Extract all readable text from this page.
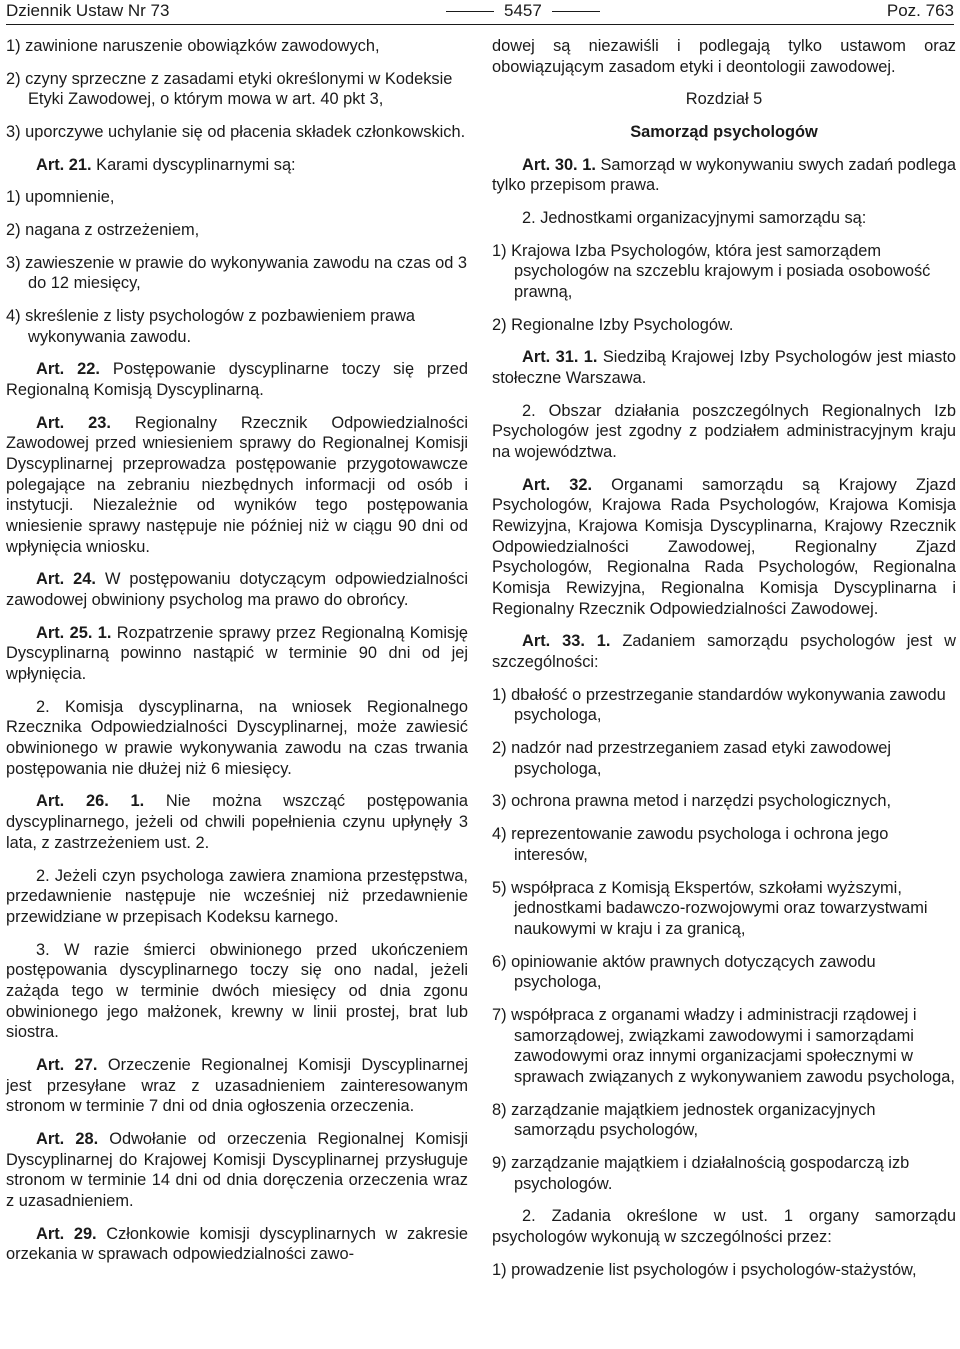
Dziennik Ustaw Nr 73	5457	Poz. 763

1) zawinione naruszenie obowiązków zawodowych,

2) czyny sprzeczne z zasadami etyki określonymi w Kodeksie Etyki Zawodowej, o którym mowa w art. 40 pkt 3,

3) uporczywe uchylanie się od płacenia składek członkowskich.

Art. 21. Karami dyscyplinarnymi są:

1) upomnienie,

2) nagana z ostrzeżeniem,

3) zawieszenie w prawie do wykonywania zawodu na czas od 3 do 12 miesięcy,

4) skreślenie z listy psychologów z pozbawieniem prawa wykonywania zawodu.

Art. 22. Postępowanie dyscyplinarne toczy się przed Regionalną Komisją Dyscyplinarną.

Art. 23. Regionalny Rzecznik Odpowiedzialności Zawodowej przed wniesieniem sprawy do Regionalnej Komisji Dyscyplinarnej przeprowadza postępowanie przygotowawcze polegające na zebraniu niezbędnych informacji od osób i instytucji. Niezależnie od wyników tego postępowania wniesienie sprawy następuje nie później niż w ciągu 90 dni od wpłynięcia wniosku.

Art. 24. W postępowaniu dotyczącym odpowiedzialności zawodowej obwiniony psycholog ma prawo do obrońcy.

Art. 25. 1. Rozpatrzenie sprawy przez Regionalną Komisję Dyscyplinarną powinno nastąpić w terminie 90 dni od jej wpłynięcia.

2. Komisja dyscyplinarna, na wniosek Regionalnego Rzecznika Odpowiedzialności Dyscyplinarnej, może zawiesić obwinionego w prawie wykonywania zawodu na czas trwania postępowania nie dłużej niż 6 miesięcy.

Art. 26. 1. Nie można wszcząć postępowania dyscyplinarnego, jeżeli od chwili popełnienia czynu upłynęły 3 lata, z zastrzeżeniem ust. 2.

2. Jeżeli czyn psychologa zawiera znamiona przestępstwa, przedawnienie następuje nie wcześniej niż przedawnienie przewidziane w przepisach Kodeksu karnego.

3. W razie śmierci obwinionego przed ukończeniem postępowania dyscyplinarnego toczy się ono nadal, jeżeli zażąda tego w terminie dwóch miesięcy od dnia zgonu obwinionego jego małżonek, krewny w linii prostej, brat lub siostra.

Art. 27. Orzeczenie Regionalnej Komisji Dyscyplinarnej jest przesyłane wraz z uzasadnieniem zainteresowanym stronom w terminie 7 dni od dnia ogłoszenia orzeczenia.

Art. 28. Odwołanie od orzeczenia Regionalnej Komisji Dyscyplinarnej do Krajowej Komisji Dyscyplinarnej przysługuje stronom w terminie 14 dni od dnia doręczenia orzeczenia wraz z uzasadnieniem.

Art. 29. Członkowie komisji dyscyplinarnych w zakresie orzekania w sprawach odpowiedzialności zawo-

dowej są niezawiśli i podlegają tylko ustawom oraz obowiązującym zasadom etyki i deontologii zawodowej.

Rozdział 5

Samorząd psychologów

Art. 30. 1. Samorząd w wykonywaniu swych zadań podlega tylko przepisom prawa.

2. Jednostkami organizacyjnymi samorządu są:

1) Krajowa Izba Psychologów, która jest samorządem psychologów na szczeblu krajowym i posiada osobowość prawną,

2) Regionalne Izby Psychologów.

Art. 31. 1. Siedzibą Krajowej Izby Psychologów jest miasto stołeczne Warszawa.

2. Obszar działania poszczególnych Regionalnych Izb Psychologów jest zgodny z podziałem administracyjnym kraju na województwa.

Art. 32. Organami samorządu są Krajowy Zjazd Psychologów, Krajowa Rada Psychologów, Krajowa Komisja Rewizyjna, Krajowa Komisja Dyscyplinarna, Krajowy Rzecznik Odpowiedzialności Zawodowej, Regionalny Zjazd Psychologów, Regionalna Rada Psychologów, Regionalna Komisja Rewizyjna, Regionalna Komisja Dyscyplinarna i Regionalny Rzecznik Odpowiedzialności Zawodowej.

Art. 33. 1. Zadaniem samorządu psychologów jest w szczególności:

1) dbałość o przestrzeganie standardów wykonywania zawodu psychologa,

2) nadzór nad przestrzeganiem zasad etyki zawodowej psychologa,

3) ochrona prawna metod i narzędzi psychologicznych,

4) reprezentowanie zawodu psychologa i ochrona jego interesów,

5) współpraca z Komisją Ekspertów, szkołami wyższymi, jednostkami badawczo-rozwojowymi oraz towarzystwami naukowymi w kraju i za granicą,

6) opiniowanie aktów prawnych dotyczących zawodu psychologa,

7) współpraca z organami władzy i administracji rządowej i samorządowej, związkami zawodowymi i samorządami zawodowymi oraz innymi organizacjami społecznymi w sprawach związanych z wykonywaniem zawodu psychologa,

8) zarządzanie majątkiem jednostek organizacyjnych samorządu psychologów,

9) zarządzanie majątkiem i działalnością gospodarczą izb psychologów.

2. Zadania określone w ust. 1 organy samorządu psychologów wykonują w szczególności przez:

1) prowadzenie list psychologów i psychologów-stażystów,
